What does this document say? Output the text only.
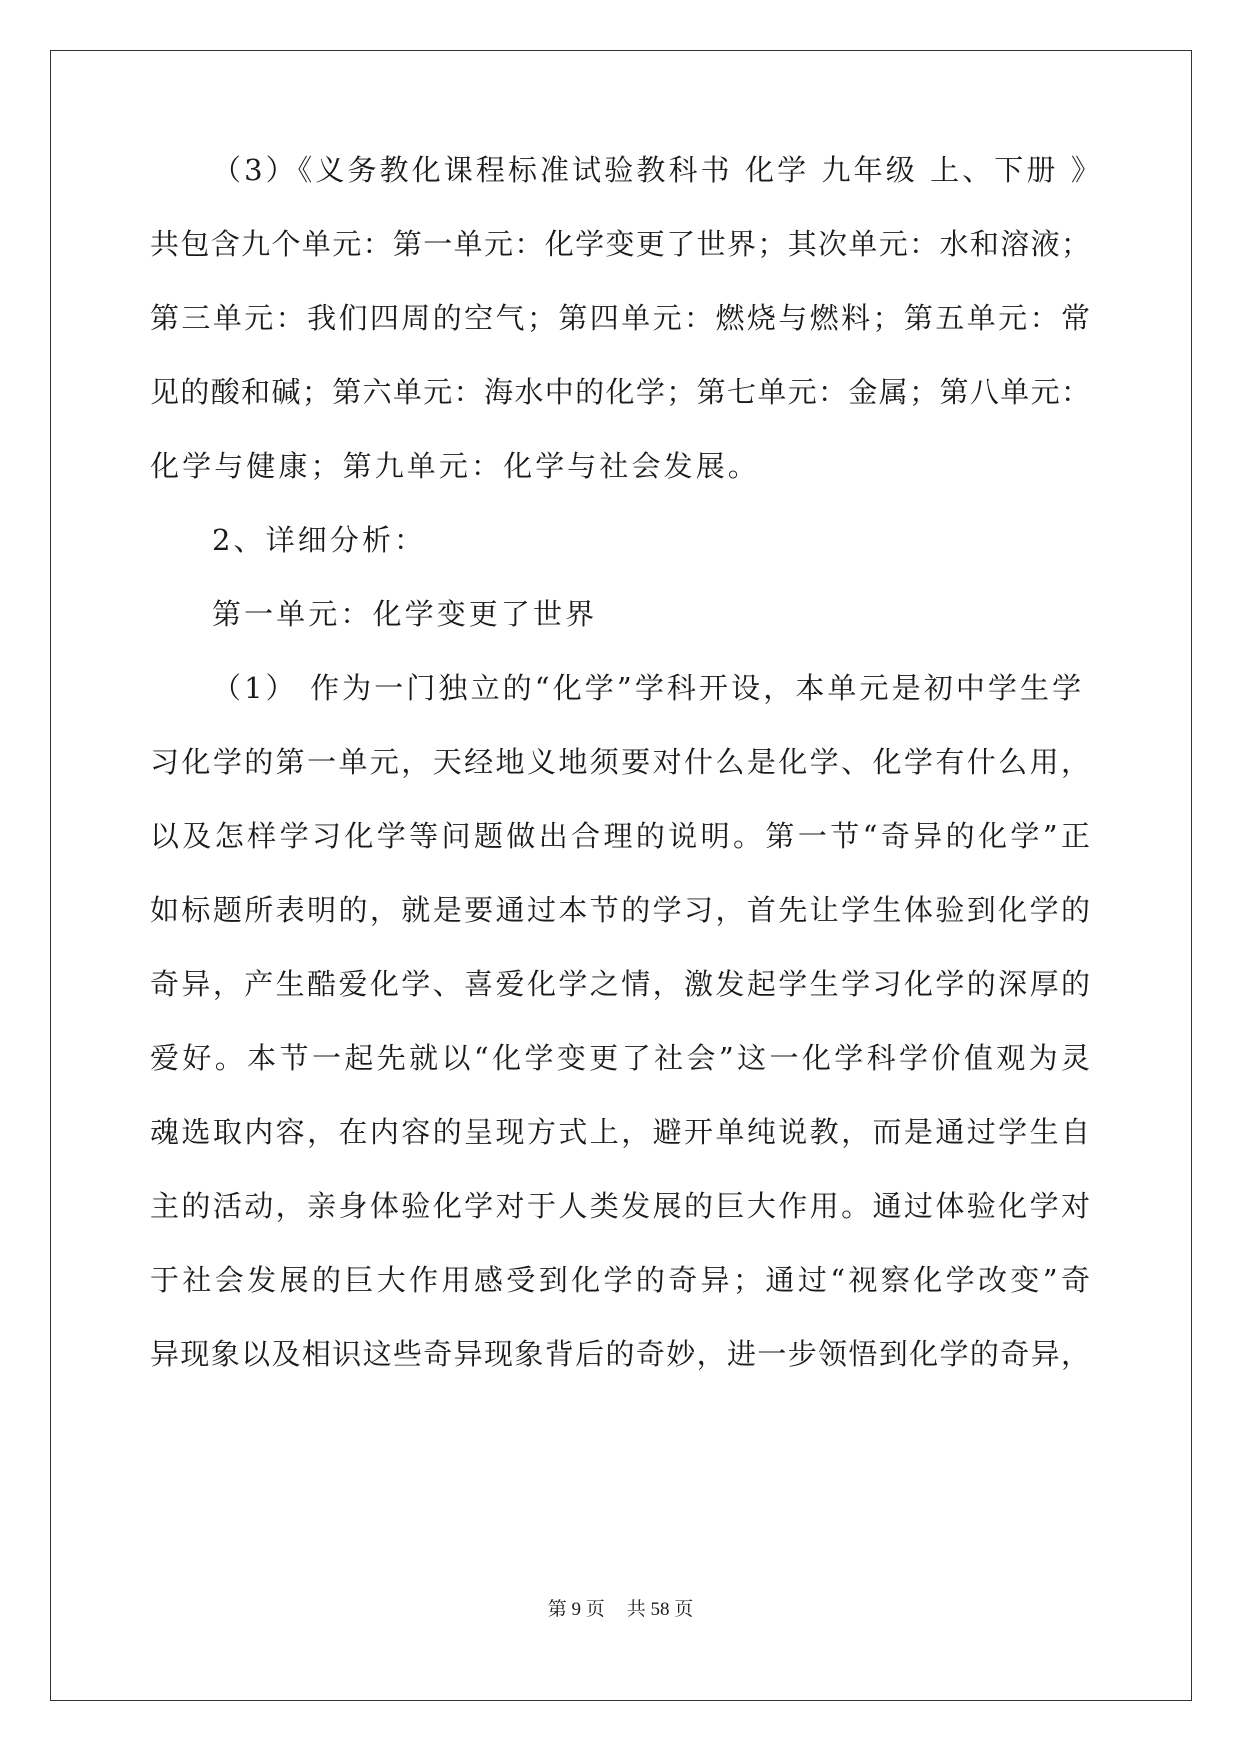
（3）《义务教化课程标准试验教科书 化学 九年级 上、下册 》
共包含九个单元：第一单元：化学变更了世界；其次单元：水和溶液；
第三单元：我们四周的空气；第四单元：燃烧与燃料；第五单元：常
见的酸和碱；第六单元：海水中的化学；第七单元：金属；第八单元：
化学与健康；第九单元：化学与社会发展。
2、详细分析：
第一单元：化学变更了世界
（1） 作为一门独立的“化学”学科开设，本单元是初中学生学
习化学的第一单元，天经地义地须要对什么是化学、化学有什么用，
以及怎样学习化学等问题做出合理的说明。第一节“奇异的化学”正
如标题所表明的，就是要通过本节的学习，首先让学生体验到化学的
奇异，产生酷爱化学、喜爱化学之情，激发起学生学习化学的深厚的
爱好。本节一起先就以“化学变更了社会”这一化学科学价值观为灵
魂选取内容，在内容的呈现方式上，避开单纯说教，而是通过学生自
主的活动，亲身体验化学对于人类发展的巨大作用。通过体验化学对
于社会发展的巨大作用感受到化学的奇异；通过“视察化学改变”奇
异现象以及相识这些奇异现象背后的奇妙，进一步领悟到化学的奇异，
第 9 页 共 58 页
